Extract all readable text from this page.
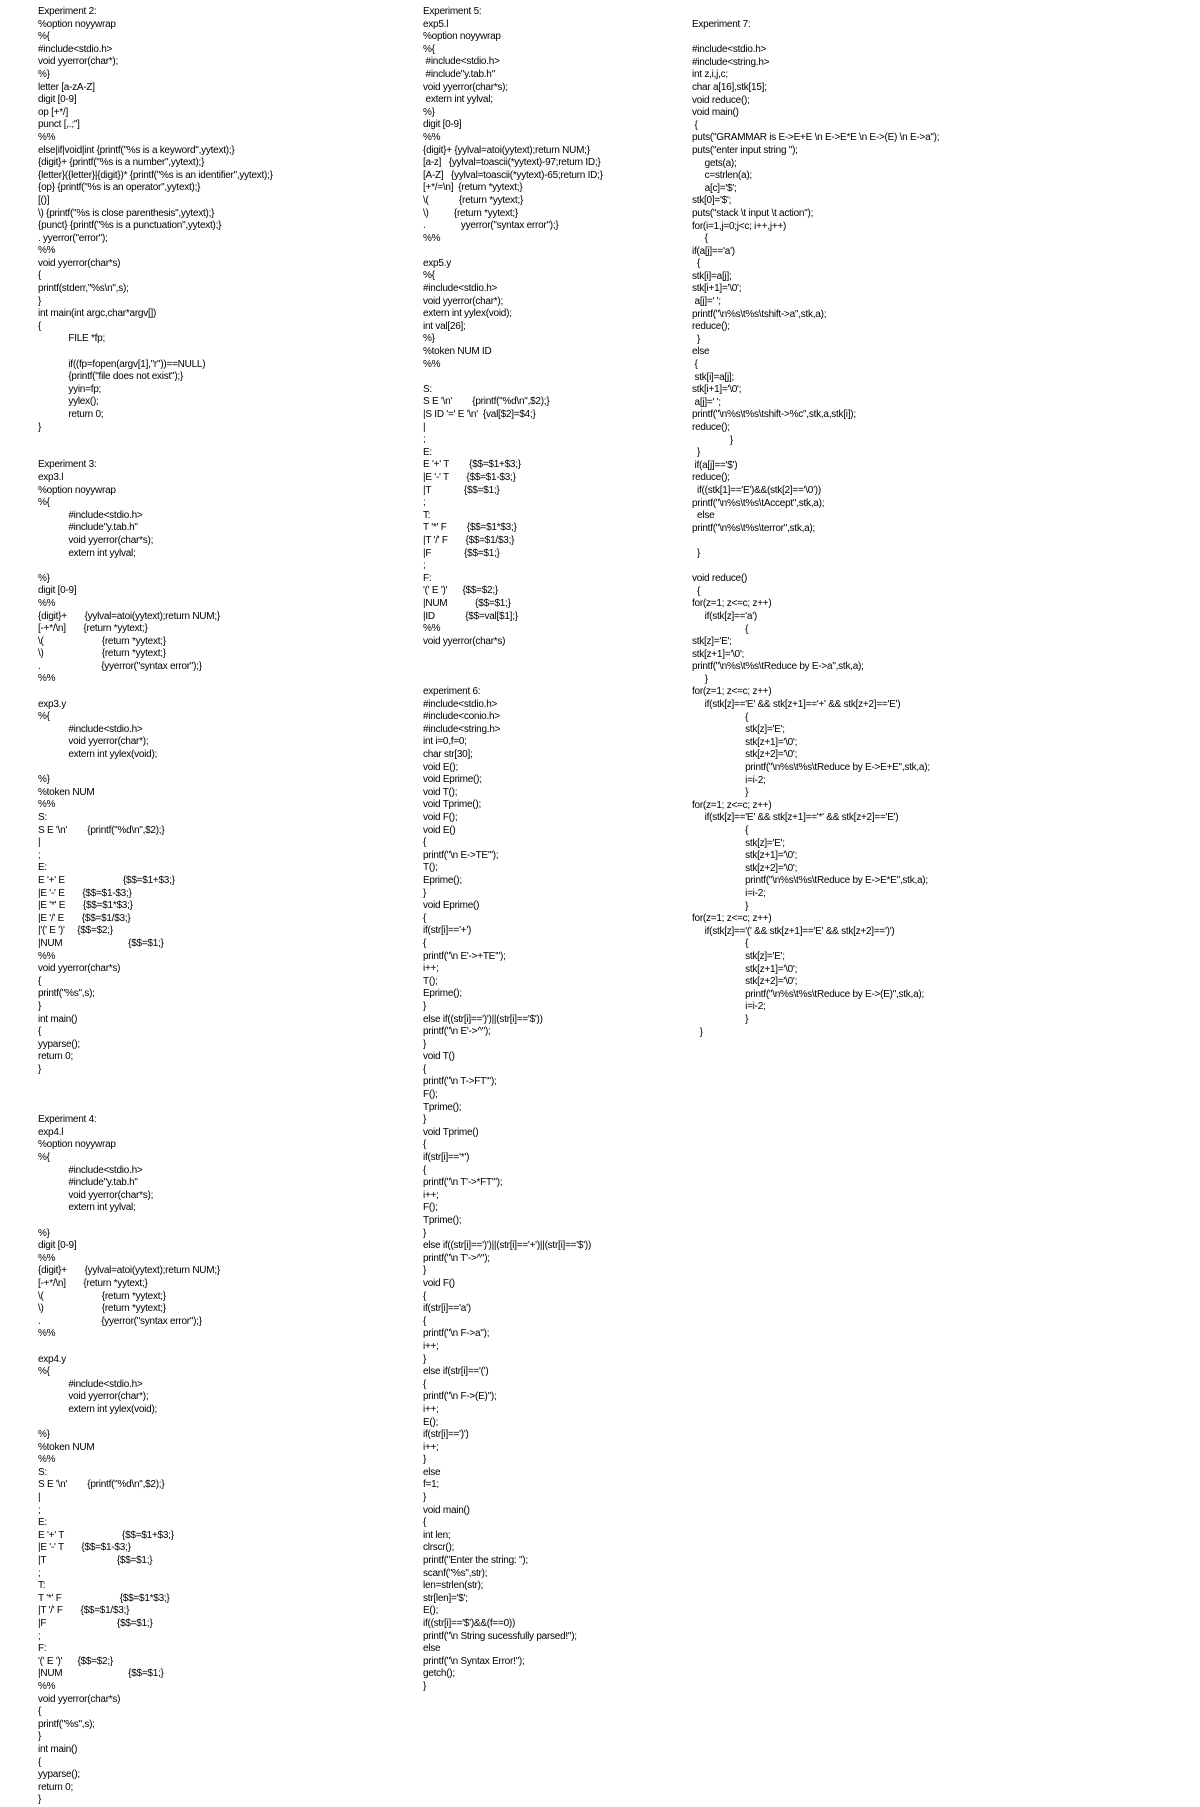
Experiment 2:
%option noyywrap
%{
#include<stdio.h>
void yyerror(char*);
%}
letter [a-zA-Z]
digit [0-9]
op [+*/]
punct [,.;"]
%%
else|if|void|int {printf("%s is a keyword",yytext);}
{digit}+ {printf("%s is a number",yytext);}
{letter}({letter}|{digit})* {printf("%s is an identifier",yytext);}
{op} {printf("%s is an operator",yytext);}
[()]
\) {printf("%s is close parenthesis",yytext);}
{punct} {printf("%s is a punctuation",yytext);}
. yyerror("error");
%%
void yyerror(char*s)
{
printf(stderr,"%s\n",s);
}
int main(int argc,char*argv[])
{
FILE *fp;

if((fp=fopen(argv[1],"r"))==NULL)
{printf("file does not exist");}
yyin=fp;
yylex();
return 0;
}

Experiment 3:
exp3.l
%option noyywrap
%{
#include<stdio.h>
#include"y.tab.h"
void yyerror(char*s);
extern int yylval;

%}
digit [0-9]
%%
{digit}+       {yylval=atoi(yytext);return NUM;}
[-+*/\n]       {return *yytext;}
\(                       {return *yytext;}
\)                       {return *yytext;}
.                        {yyerror("syntax error");}
%%

exp3.y
%{
#include<stdio.h>
void yyerror(char*);
extern int yylex(void);

%}
%token NUM
%%
S:
S E '\n'        {printf("%d\n",$2);}
|
;
E:
E '+' E                       {$$=$1+$3;}
|E '-' E       {$$=$1-$3;}
|E '*' E       {$$=$1*$3;}
|E '/' E       {$$=$1/$3;}
|'(' E ')'     {$$=$2;}
|NUM                          {$$=$1;}
%%
void yyerror(char*s)
{
printf("%s",s);
}
int main()
{
yyparse();
return 0;
}

Experiment 4:
exp4.l
%option noyywrap
%{
#include<stdio.h>
#include"y.tab.h"
void yyerror(char*s);
extern int yylval;

%}
digit [0-9]
%%
{digit}+       {yylval=atoi(yytext);return NUM;}
[-+*/\n]       {return *yytext;}
\(                       {return *yytext;}
\)                       {return *yytext;}
.                        {yyerror("syntax error");}
%%

exp4.y
%{
#include<stdio.h>
void yyerror(char*);
extern int yylex(void);

%}
%token NUM
%%
S:
S E '\n'        {printf("%d\n",$2);}
|
;
E:
E '+' T                       {$$=$1+$3;}
|E '-' T       {$$=$1-$3;}
|T                            {$$=$1;}
;
T:
T '*' F                       {$$=$1*$3;}
|T '/' F       {$$=$1/$3;}
|F                            {$$=$1;}
;
F:
'(' E ')'      {$$=$2;}
|NUM                          {$$=$1;}
%%
void yyerror(char*s)
{
printf("%s",s);
}
int main()
{
yyparse();
return 0;
}
Experiment 5:
exp5.l
%option noyywrap
%{
#include<stdio.h>
#include"y.tab.h"
void yyerror(char*s);
extern int yylval;
%}
digit [0-9]
%%
{digit}+ {yylval=atoi(yytext);return NUM;}
[a-z]   {yylval=toascii(*yytext)-97;return ID;}
[A-Z]   {yylval=toascii(*yytext)-65;return ID;}
[+*/=\n]  {return *yytext;}
\(            {return *yytext;}
\)          {return *yytext;}
.              yyerror("syntax error");}
%%

exp5.y
%{
#include<stdio.h>
void yyerror(char*);
extern int yylex(void);
int val[26];
%}
%token NUM ID
%%

S:
S E '\n'        {printf("%d\n",$2);}
|S ID '=' E '\n'  {val[$2]=$4;}
|
;
E:
E '+' T        {$$=$1+$3;}
|E '-' T       {$$=$1-$3;}
|T             {$$=$1;}
;
T:
T '*' F        {$$=$1*$3;}
|T '/' F       {$$=$1/$3;}
|F             {$$=$1;}
;
F:
'(' E ')'      {$$=$2;}
|NUM           {$$=$1;}
|ID            {$$=val[$1];}
%%
void yyerror(char*s)

experiment 6:
#include<stdio.h>
#include<conio.h>
#include<string.h>
int i=0,f=0;
char str[30];
void E();
void Eprime();
void T();
void Tprime();
void F();
void E()
{
printf("\n E->TE'");
T();
Eprime();
}
void Eprime()
{
if(str[i]=='+')
{
printf("\n E'->+TE'");
i++;
T();
Eprime();
}
else if((str[i]==')')||(str[i]=='$'))
printf("\n E'->^");
}
void T()
{
printf("\n T->FT'");
F();
Tprime();
}
void Tprime()
{
if(str[i]=='*')
{
printf("\n T'->*FT'");
i++;
F();
Tprime();
}
else if((str[i]==')')||(str[i]=='+')||(str[i]=='$'))
printf("\n T'->^");
}
void F()
{
if(str[i]=='a')
{
printf("\n F->a");
i++;
}
else if(str[i]=='(')
{
printf("\n F->(E)");
i++;
E();
if(str[i]==')')
i++;
}
else
f=1;
}
void main()
{
int len;
clrscr();
printf("Enter the string: ");
scanf("%s",str);
len=strlen(str);
str[len]='$';
E();
if((str[i]=='$')&&(f==0))
printf("\n String sucessfully parsed!");
else
printf("\n Syntax Error!");
getch();
}
Experiment 7:

#include<stdio.h>
#include<string.h>
int z,i,j,c;
char a[16],stk[15];
void reduce();
void main()
{
puts("GRAMMAR is E->E+E \n E->E*E \n E->(E) \n E->a");
puts("enter input string ");
gets(a);
c=strlen(a);
a[c]='$';
stk[0]='$';
puts("stack \t input \t action");
for(i=1,j=0;j<c; i++,j++)
{
if(a[j]=='a')
{
stk[i]=a[j];
stk[i+1]='\0';
a[j]=' ';
printf("\n%s\t%s\tshift->a",stk,a);
reduce();
}
else
{
stk[i]=a[j];
stk[i+1]='\0';
a[j]=' ';
printf("\n%s\t%s\tshift->%c",stk,a,stk[i]);
reduce();
}
}
if(a[j]=='$')
reduce();
if((stk[1]=='E')&&(stk[2]=='\0'))
printf("\n%s\t%s\tAccept",stk,a);
else
printf("\n%s\t%s\terror",stk,a);

}

void reduce()
{
for(z=1; z<=c; z++)
if(stk[z]=='a')
{
stk[z]='E';
stk[z+1]='\0';
printf("\n%s\t%s\tReduce by E->a",stk,a);
}
for(z=1; z<=c; z++)
if(stk[z]=='E' && stk[z+1]=='+' && stk[z+2]=='E')
{
stk[z]='E';
stk[z+1]='\0';
stk[z+2]='\0';
printf("\n%s\t%s\tReduce by E->E+E",stk,a);
i=i-2;
}
for(z=1; z<=c; z++)
if(stk[z]=='E' && stk[z+1]=='*' && stk[z+2]=='E')
{
stk[z]='E';
stk[z+1]='\0';
stk[z+2]='\0';
printf("\n%s\t%s\tReduce by E->E*E",stk,a);
i=i-2;
}
for(z=1; z<=c; z++)
if(stk[z]=='(' && stk[z+1]=='E' && stk[z+2]==')')
{
stk[z]='E';
stk[z+1]='\0';
stk[z+2]='\0';
printf("\n%s\t%s\tReduce by E->(E)",stk,a);
i=i-2;
}
}
